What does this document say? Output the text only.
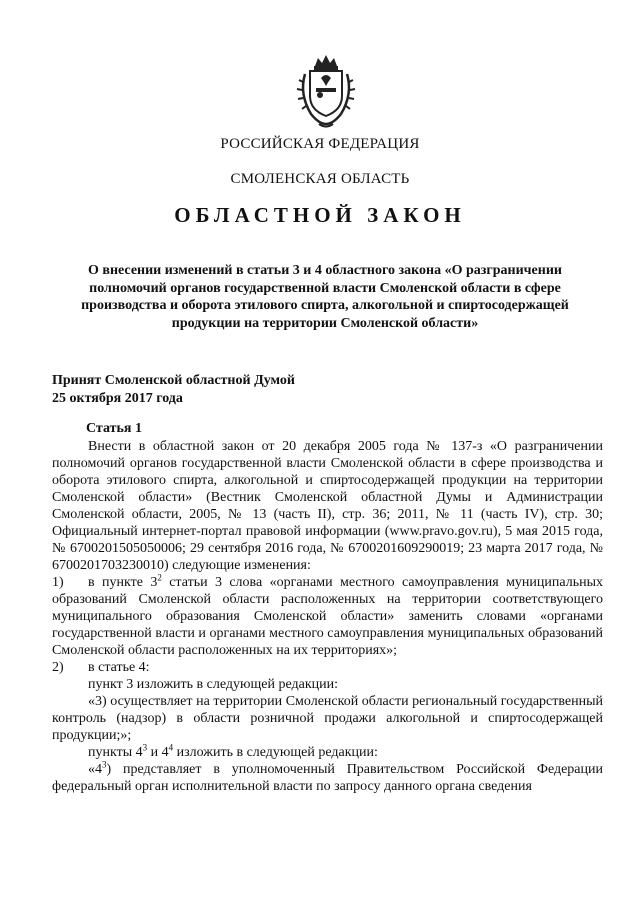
РОССИЙСКАЯ ФЕДЕРАЦИЯ
СМОЛЕНСКАЯ ОБЛАСТЬ
ОБЛАСТНОЙ ЗАКОН
О внесении изменений в статьи 3 и 4 областного закона «О разграничении полномочий органов государственной власти Смоленской области в сфере производства и оборота этилового спирта, алкогольной и спиртосодержащей продукции на территории Смоленской области»
Принят Смоленской областной Думой
25 октября 2017 года
Статья 1
Внести в областной закон от 20 декабря 2005 года № 137-з «О разграничении полномочий органов государственной власти Смоленской области в сфере производства и оборота этилового спирта, алкогольной и спиртосодержащей продукции на территории Смоленской области» (Вестник Смоленской областной Думы и Администрации Смоленской области, 2005, № 13 (часть II), стр. 36; 2011, № 11 (часть IV), стр. 30; Официальный интернет-портал правовой информации (www.pravo.gov.ru), 5 мая 2015 года, № 6700201505050006; 29 сентября 2016 года, № 6700201609290019; 23 марта 2017 года, № 6700201703230010) следующие изменения:
1) в пункте $3^2$ статьи 3 слова «органами местного самоуправления муниципальных образований Смоленской области расположенных на территории соответствующего муниципального образования Смоленской области» заменить словами «органами государственной власти и органами местного самоуправления муниципальных образований Смоленской области расположенных на их территориях»;
2) в статье 4:
пункт 3 изложить в следующей редакции:
«3) осуществляет на территории Смоленской области региональный государственный контроль (надзор) в области розничной продажи алкогольной и спиртосодержащей продукции;»;
пункты $4^3$ и $4^4$ изложить в следующей редакции:
«$4^3$) представляет в уполномоченный Правительством Российской Федерации федеральный орган исполнительной власти по запросу данного органа сведения
